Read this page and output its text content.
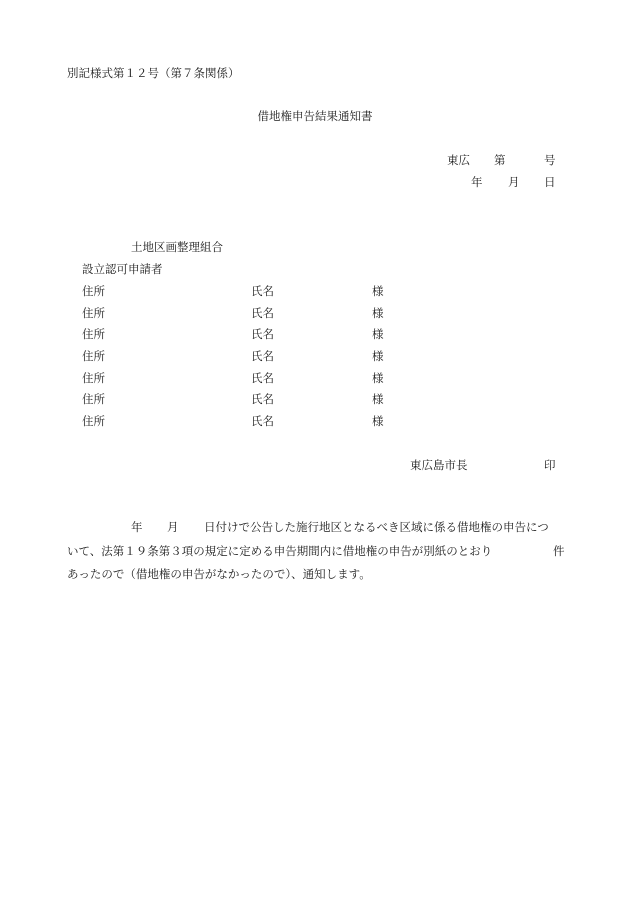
別記様式第１２号（第７条関係）
借地権申告結果通知書
東広 第	号
年 月 日
土地区画整理組合
設立認可申請者
住所	氏名	様
住所	氏名	様
住所	氏名	様
住所	氏名	様
住所	氏名	様
住所	氏名	様
住所	氏名	様
東広島市長	印
年 月 日付けで公告した施行地区となるべき区域に係る借地権の申告につ
いて、法第１９条第３項の規定に定める申告期間内に借地権の申告が別紙のとおり	件
あったので（借地権の申告がなかったので）、通知します。
